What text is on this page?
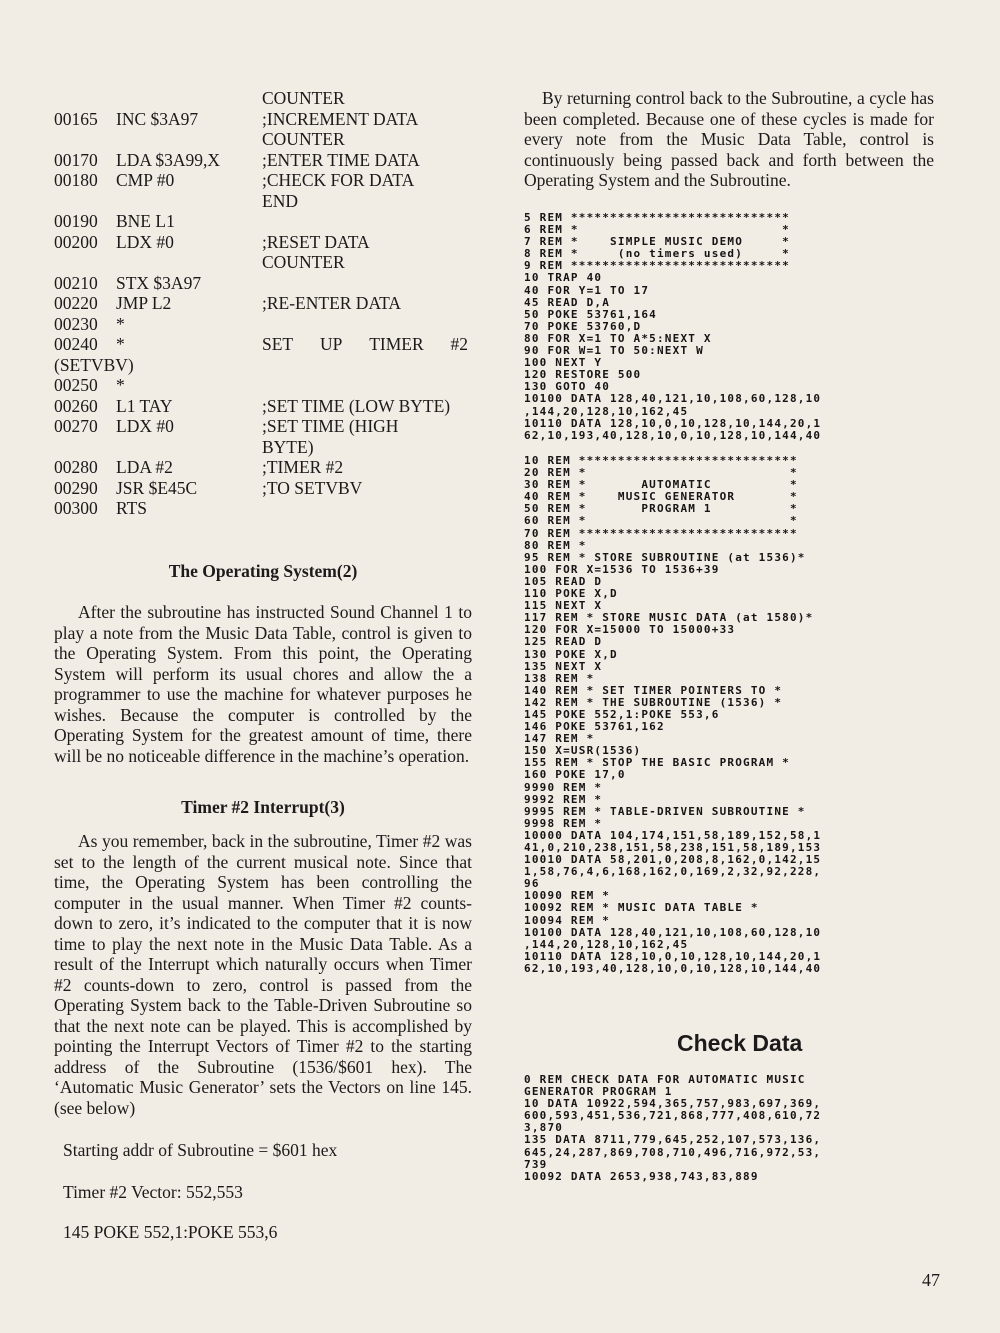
COUNTER
00165	INC $3A97	;INCREMENT DATA
COUNTER
00170	LDA $3A99,X	;ENTER TIME DATA
00180	CMP #0	;CHECK FOR DATA
END
00190	BNE L1
00200	LDX #0	;RESET DATA
COUNTER
00210	STX $3A97
00220	JMP L2	;RE-ENTER DATA
00230	*
00240	*	SET UP TIMER #2
(SETVBV)
00250	*
00260	L1 TAY	;SET TIME (LOW BYTE)
00270	LDX #0	;SET TIME (HIGH
BYTE)
00280	LDA #2	;TIMER #2
00290	JSR $E45C	;TO SETVBV
00300	RTS
The Operating System(2)
After the subroutine has instructed Sound Channel 1 to play a note from the Music Data Table, control is given to the Operating System. From this point, the Operating System will perform its usual chores and allow the a programmer to use the machine for whatever purposes he wishes. Because the computer is controlled by the Operating System for the greatest amount of time, there will be no noticeable difference in the machine’s operation.
Timer #2 Interrupt(3)
As you remember, back in the subroutine, Timer #2 was set to the length of the current musical note. Since that time, the Operating System has been controlling the computer in the usual manner. When Timer #2 counts-down to zero, it’s indicated to the computer that it is now time to play the next note in the Music Data Table. As a result of the Interrupt which naturally occurs when Timer #2 counts-down to zero, control is passed from the Operating System back to the Table-Driven Subroutine so that the next note can be played. This is accomplished by pointing the Interrupt Vectors of Timer #2 to the starting address of the Subroutine (1536/$601 hex). The ‘Automatic Music Generator’ sets the Vectors on line 145. (see below)
Starting addr of Subroutine = $601 hex
Timer #2 Vector: 552,553
145 POKE 552,1:POKE 553,6
By returning control back to the Subroutine, a cycle has been completed. Because one of these cycles is made for every note from the Music Data Table, control is continuously being passed back and forth between the Operating System and the Subroutine.
5 REM ****************************
6 REM *                          *
7 REM *    SIMPLE MUSIC DEMO     *
8 REM *     (no timers used)     *
9 REM ****************************
10 TRAP 40
40 FOR Y=1 TO 17
45 READ D,A
50 POKE 53761,164
70 POKE 53760,D
80 FOR X=1 TO A*5:NEXT X
90 FOR W=1 TO 50:NEXT W
100 NEXT Y
120 RESTORE 500
130 GOTO 40
10100 DATA 128,40,121,10,108,60,128,10
,144,20,128,10,162,45
10110 DATA 128,10,0,10,128,10,144,20,1
62,10,193,40,128,10,0,10,128,10,144,40
10 REM ****************************
20 REM *                          *
30 REM *       AUTOMATIC          *
40 REM *    MUSIC GENERATOR       *
50 REM *       PROGRAM 1          *
60 REM *                          *
70 REM ****************************
80 REM *
95 REM * STORE SUBROUTINE (at 1536)*
100 FOR X=1536 TO 1536+39
105 READ D
110 POKE X,D
115 NEXT X
117 REM * STORE MUSIC DATA (at 1580)*
120 FOR X=15000 TO 15000+33
125 READ D
130 POKE X,D
135 NEXT X
138 REM *
140 REM * SET TIMER POINTERS TO *
142 REM * THE SUBROUTINE (1536) *
145 POKE 552,1:POKE 553,6
146 POKE 53761,162
147 REM *
150 X=USR(1536)
155 REM * STOP THE BASIC PROGRAM *
160 POKE 17,0
9990 REM *
9992 REM *
9995 REM * TABLE-DRIVEN SUBROUTINE *
9998 REM *
10000 DATA 104,174,151,58,189,152,58,1
41,0,210,238,151,58,238,151,58,189,153
10010 DATA 58,201,0,208,8,162,0,142,15
1,58,76,4,6,168,162,0,169,2,32,92,228,
96
10090 REM *
10092 REM * MUSIC DATA TABLE *
10094 REM *
10100 DATA 128,40,121,10,108,60,128,10
,144,20,128,10,162,45
10110 DATA 128,10,0,10,128,10,144,20,1
62,10,193,40,128,10,0,10,128,10,144,40
Check Data
0 REM CHECK DATA FOR AUTOMATIC MUSIC
GENERATOR PROGRAM 1
10 DATA 10922,594,365,757,983,697,369,
600,593,451,536,721,868,777,408,610,72
3,870
135 DATA 8711,779,645,252,107,573,136,
645,24,287,869,708,710,496,716,972,53,
739
10092 DATA 2653,938,743,83,889
47
